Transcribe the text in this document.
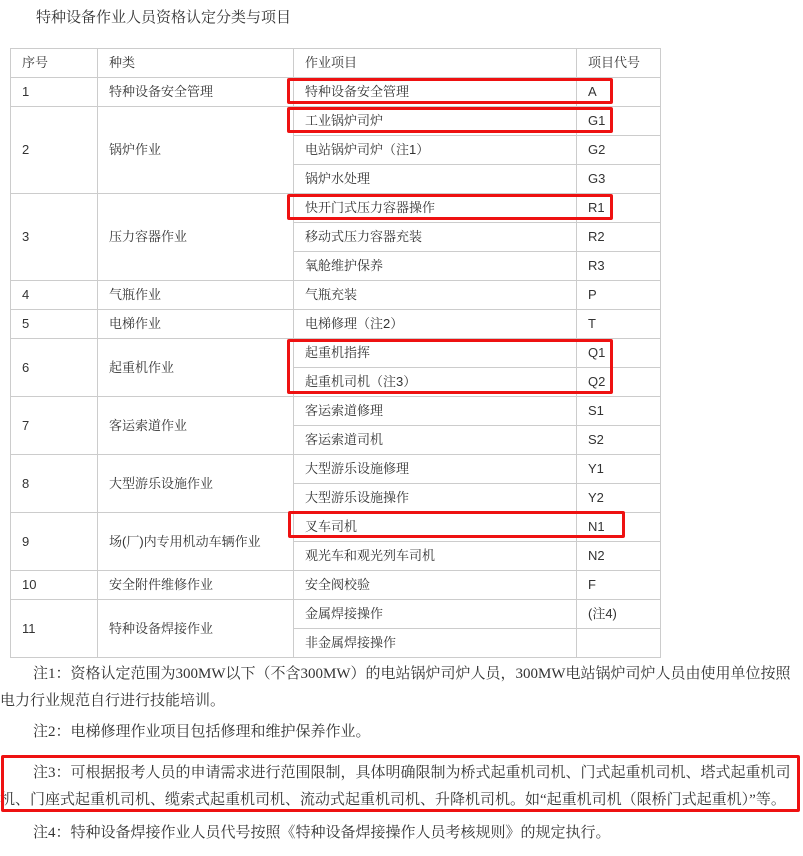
特种设备作业人员资格认定分类与项目

序号	种类	作业项目	项目代号
1	特种设备安全管理	特种设备安全管理	A
2	锅炉作业	工业锅炉司炉	G1
		电站锅炉司炉（注1）	G2
		锅炉水处理	G3
3	压力容器作业	快开门式压力容器操作	R1
		移动式压力容器充装	R2
		氧舱维护保养	R3
4	气瓶作业	气瓶充装	P
5	电梯作业	电梯修理（注2）	T
6	起重机作业	起重机指挥	Q1
		起重机司机（注3）	Q2
7	客运索道作业	客运索道修理	S1
		客运索道司机	S2
8	大型游乐设施作业	大型游乐设施修理	Y1
		大型游乐设施操作	Y2
9	场(厂)内专用机动车辆作业	叉车司机	N1
		观光车和观光列车司机	N2
10	安全附件维修作业	安全阀校验	F
11	特种设备焊接作业	金属焊接操作	(注4)
		非金属焊接操作	

注1：资格认定范围为300MW以下（不含300MW）的电站锅炉司炉人员，300MW电站锅炉司炉人员由使用单位按照电力行业规范自行进行技能培训。

注2：电梯修理作业项目包括修理和维护保养作业。

注3：可根据报考人员的申请需求进行范围限制，具体明确限制为桥式起重机司机、门式起重机司机、塔式起重机司机、门座式起重机司机、缆索式起重机司机、流动式起重机司机、升降机司机。如“起重机司机（限桥门式起重机）”等。

注4：特种设备焊接作业人员代号按照《特种设备焊接操作人员考核规则》的规定执行。
